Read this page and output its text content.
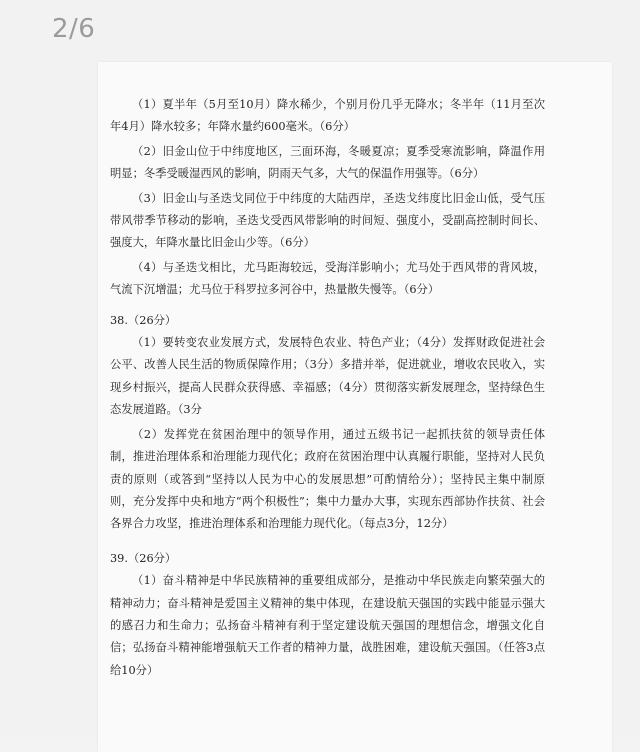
2/6

（1）夏半年（5月至10月）降水稀少，个别月份几乎无降水；冬半年（11月至次年4月）降水较多；年降水量约600毫米。（6分）

（2）旧金山位于中纬度地区，三面环海，冬暖夏凉；夏季受寒流影响，降温作用明显；冬季受暖湿西风的影响，阴雨天气多，大气的保温作用强等。（6分）

（3）旧金山与圣迭戈同位于中纬度的大陆西岸，圣迭戈纬度比旧金山低，受气压带风带季节移动的影响，圣迭戈受西风带影响的时间短、强度小，受副高控制时间长、强度大，年降水量比旧金山少等。（6分）

（4）与圣迭戈相比，尤马距海较远，受海洋影响小；尤马处于西风带的背风坡，气流下沉增温；尤马位于科罗拉多河谷中，热量散失慢等。（6分）

38.（26分）

（1）要转变农业发展方式，发展特色农业、特色产业；（4分）发挥财政促进社会公平、改善人民生活的物质保障作用；（3分）多措并举，促进就业，增收农民收入，实现乡村振兴，提高人民群众获得感、幸福感；（4分）贯彻落实新发展理念，坚持绿色生态发展道路。（3分

（2）发挥党在贫困治理中的领导作用，通过五级书记一起抓扶贫的领导责任体制，推进治理体系和治理能力现代化；政府在贫困治理中认真履行职能，坚持对人民负责的原则（或答到“坚持以人民为中心的发展思想”可酌情给分）；坚持民主集中制原则，充分发挥中央和地方“两个积极性”；集中力量办大事，实现东西部协作扶贫、社会各界合力攻坚，推进治理体系和治理能力现代化。（每点3分，12分）

39.（26分）

（1）奋斗精神是中华民族精神的重要组成部分，是推动中华民族走向繁荣强大的精神动力；奋斗精神是爱国主义精神的集中体现，在建设航天强国的实践中能显示强大的感召力和生命力；弘扬奋斗精神有利于坚定建设航天强国的理想信念，增强文化自信；弘扬奋斗精神能增强航天工作者的精神力量，战胜困难，建设航天强国。（任答3点给10分）
